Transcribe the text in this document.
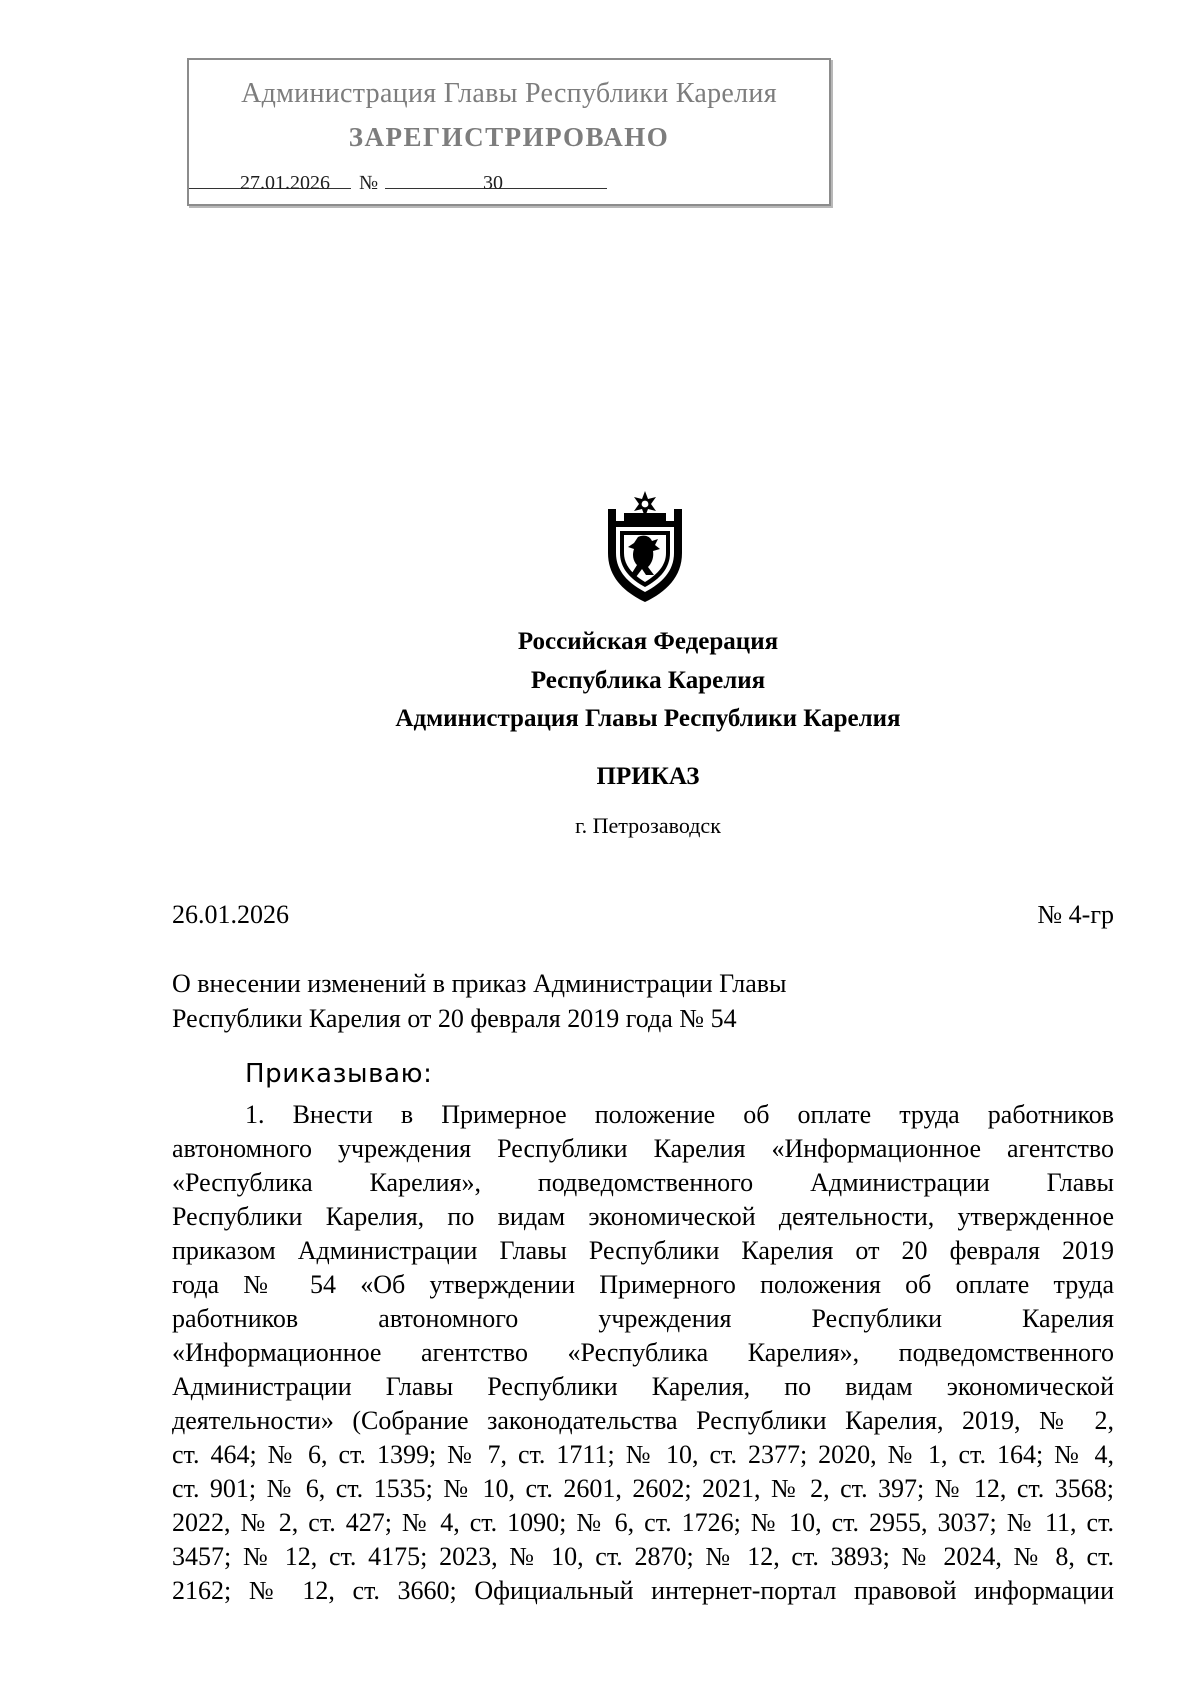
Администрация Главы Республики Карелия
ЗАРЕГИСТРИРОВАНО
27.01.2026	№	30
Российская Федерация
Республика Карелия
Администрация Главы Республики Карелия
ПРИКАЗ
г. Петрозаводск
26.01.2026	№ 4-гр
О внесении изменений в приказ Администрации Главы
Республики Карелия от 20 февраля 2019 года № 54
Приказываю:
1. Внести в Примерное положение об оплате труда работников
автономного учреждения Республики Карелия «Информационное агентство
«Республика Карелия», подведомственного Администрации Главы
Республики Карелия, по видам экономической деятельности, утвержденное
приказом Администрации Главы Республики Карелия от 20 февраля 2019
года № 54 «Об утверждении Примерного положения об оплате труда
работников автономного учреждения Республики Карелия
«Информационное агентство «Республика Карелия», подведомственного
Администрации Главы Республики Карелия, по видам экономической
деятельности» (Собрание законодательства Республики Карелия, 2019, № 2,
ст. 464; № 6, ст. 1399; № 7, ст. 1711; № 10, ст. 2377; 2020, № 1, ст. 164; № 4,
ст. 901; № 6, ст. 1535; № 10, ст. 2601, 2602; 2021, № 2, ст. 397; № 12, ст. 3568;
2022, № 2, ст. 427; № 4, ст. 1090; № 6, ст. 1726; № 10, ст. 2955, 3037; № 11, ст.
3457; № 12, ст. 4175; 2023, № 10, ст. 2870; № 12, ст. 3893; № 2024, № 8, ст.
2162; № 12, ст. 3660; Официальный интернет-портал правовой информации
